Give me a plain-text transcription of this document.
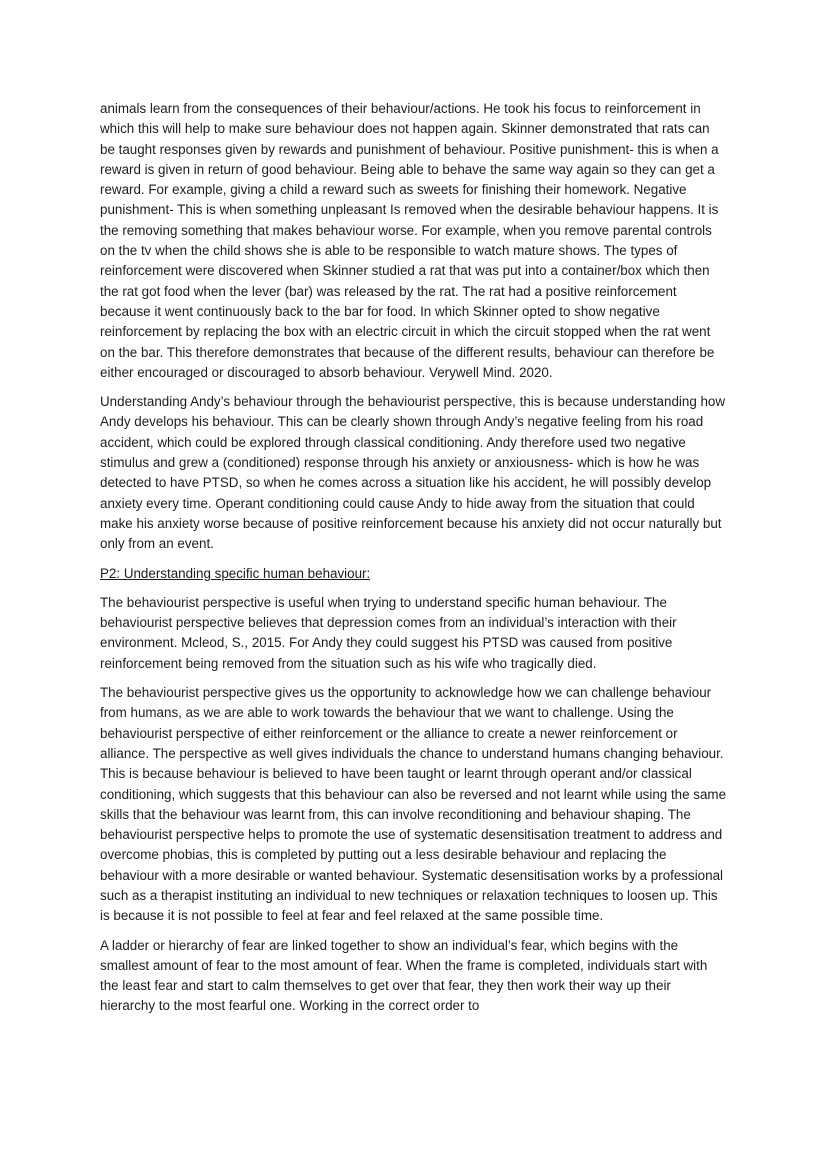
animals learn from the consequences of their behaviour/actions. He took his focus to reinforcement in which this will help to make sure behaviour does not happen again. Skinner demonstrated that rats can be taught responses given by rewards and punishment of behaviour. Positive punishment- this is when a reward is given in return of good behaviour. Being able to behave the same way again so they can get a reward. For example, giving a child a reward such as sweets for finishing their homework. Negative punishment- This is when something unpleasant Is removed when the desirable behaviour happens. It is the removing something that makes behaviour worse. For example, when you remove parental controls on the tv when the child shows she is able to be responsible to watch mature shows. The types of reinforcement were discovered when Skinner studied a rat that was put into a container/box which then the rat got food when the lever (bar) was released by the rat. The rat had a positive reinforcement because it went continuously back to the bar for food. In which Skinner opted to show negative reinforcement by replacing the box with an electric circuit in which the circuit stopped when the rat went on the bar. This therefore demonstrates that because of the different results, behaviour can therefore be either encouraged or discouraged to absorb behaviour. Verywell Mind. 2020.

Understanding Andy’s behaviour through the behaviourist perspective, this is because understanding how Andy develops his behaviour. This can be clearly shown through Andy’s negative feeling from his road accident, which could be explored through classical conditioning. Andy therefore used two negative stimulus and grew a (conditioned) response through his anxiety or anxiousness- which is how he was detected to have PTSD, so when he comes across a situation like his accident, he will possibly develop anxiety every time. Operant conditioning could cause Andy to hide away from the situation that could make his anxiety worse because of positive reinforcement because his anxiety did not occur naturally but only from an event.

P2: Understanding specific human behaviour:

The behaviourist perspective is useful when trying to understand specific human behaviour. The behaviourist perspective believes that depression comes from an individual’s interaction with their environment. Mcleod, S., 2015. For Andy they could suggest his PTSD was caused from positive reinforcement being removed from the situation such as his wife who tragically died.

The behaviourist perspective gives us the opportunity to acknowledge how we can challenge behaviour from humans, as we are able to work towards the behaviour that we want to challenge. Using the behaviourist perspective of either reinforcement or the alliance to create a newer reinforcement or alliance. The perspective as well gives individuals the chance to understand humans changing behaviour. This is because behaviour is believed to have been taught or learnt through operant and/or classical conditioning, which suggests that this behaviour can also be reversed and not learnt while using the same skills that the behaviour was learnt from, this can involve reconditioning and behaviour shaping. The behaviourist perspective helps to promote the use of systematic desensitisation treatment to address and overcome phobias, this is completed by putting out a less desirable behaviour and replacing the behaviour with a more desirable or wanted behaviour. Systematic desensitisation works by a professional such as a therapist instituting an individual to new techniques or relaxation techniques to loosen up. This is because it is not possible to feel at fear and feel relaxed at the same possible time.

A ladder or hierarchy of fear are linked together to show an individual’s fear, which begins with the smallest amount of fear to the most amount of fear. When the frame is completed, individuals start with the least fear and start to calm themselves to get over that fear, they then work their way up their hierarchy to the most fearful one. Working in the correct order to
